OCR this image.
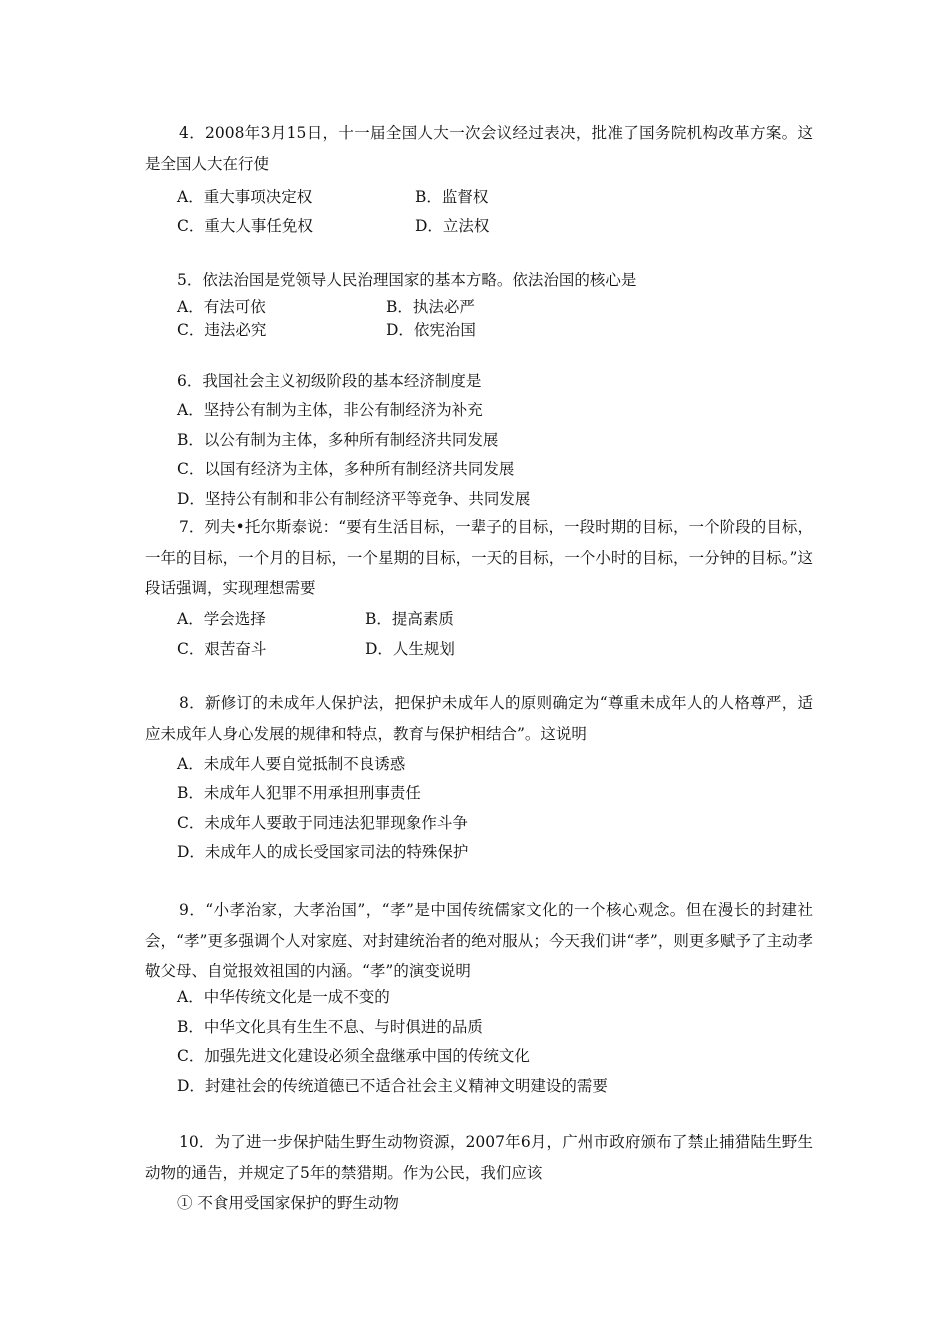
4．2008年3月15日，十一届全国人大一次会议经过表决，批准了国务院机构改革方案。这是全国人大在行使
A．重大事项决定权	B．监督权
C．重大人事任免权	D．立法权
5．依法治国是党领导人民治理国家的基本方略。依法治国的核心是
A．有法可依	B．执法必严
C．违法必究	D．依宪治国
6．我国社会主义初级阶段的基本经济制度是
A．坚持公有制为主体，非公有制经济为补充
B．以公有制为主体，多种所有制经济共同发展
C．以国有经济为主体，多种所有制经济共同发展
D．坚持公有制和非公有制经济平等竞争、共同发展
7．列夫•托尔斯泰说：“要有生活目标，一辈子的目标，一段时期的目标，一个阶段的目标，一年的目标，一个月的目标，一个星期的目标，一天的目标，一个小时的目标，一分钟的目标。”这段话强调，实现理想需要
A．学会选择	B．提高素质
C．艰苦奋斗	D．人生规划
8．新修订的未成年人保护法，把保护未成年人的原则确定为“尊重未成年人的人格尊严，适应未成年人身心发展的规律和特点，教育与保护相结合”。这说明
A．未成年人要自觉抵制不良诱惑
B．未成年人犯罪不用承担刑事责任
C．未成年人要敢于同违法犯罪现象作斗争
D．未成年人的成长受国家司法的特殊保护
9．“小孝治家，大孝治国”，“孝”是中国传统儒家文化的一个核心观念。但在漫长的封建社会，“孝”更多强调个人对家庭、对封建统治者的绝对服从；今天我们讲“孝”，则更多赋予了主动孝敬父母、自觉报效祖国的内涵。“孝”的演变说明
A．中华传统文化是一成不变的
B．中华文化具有生生不息、与时俱进的品质
C．加强先进文化建设必须全盘继承中国的传统文化
D．封建社会的传统道德已不适合社会主义精神文明建设的需要
10．为了进一步保护陆生野生动物资源，2007年6月，广州市政府颁布了禁止捕猎陆生野生动物的通告，并规定了5年的禁猎期。作为公民，我们应该
① 不食用受国家保护的野生动物
